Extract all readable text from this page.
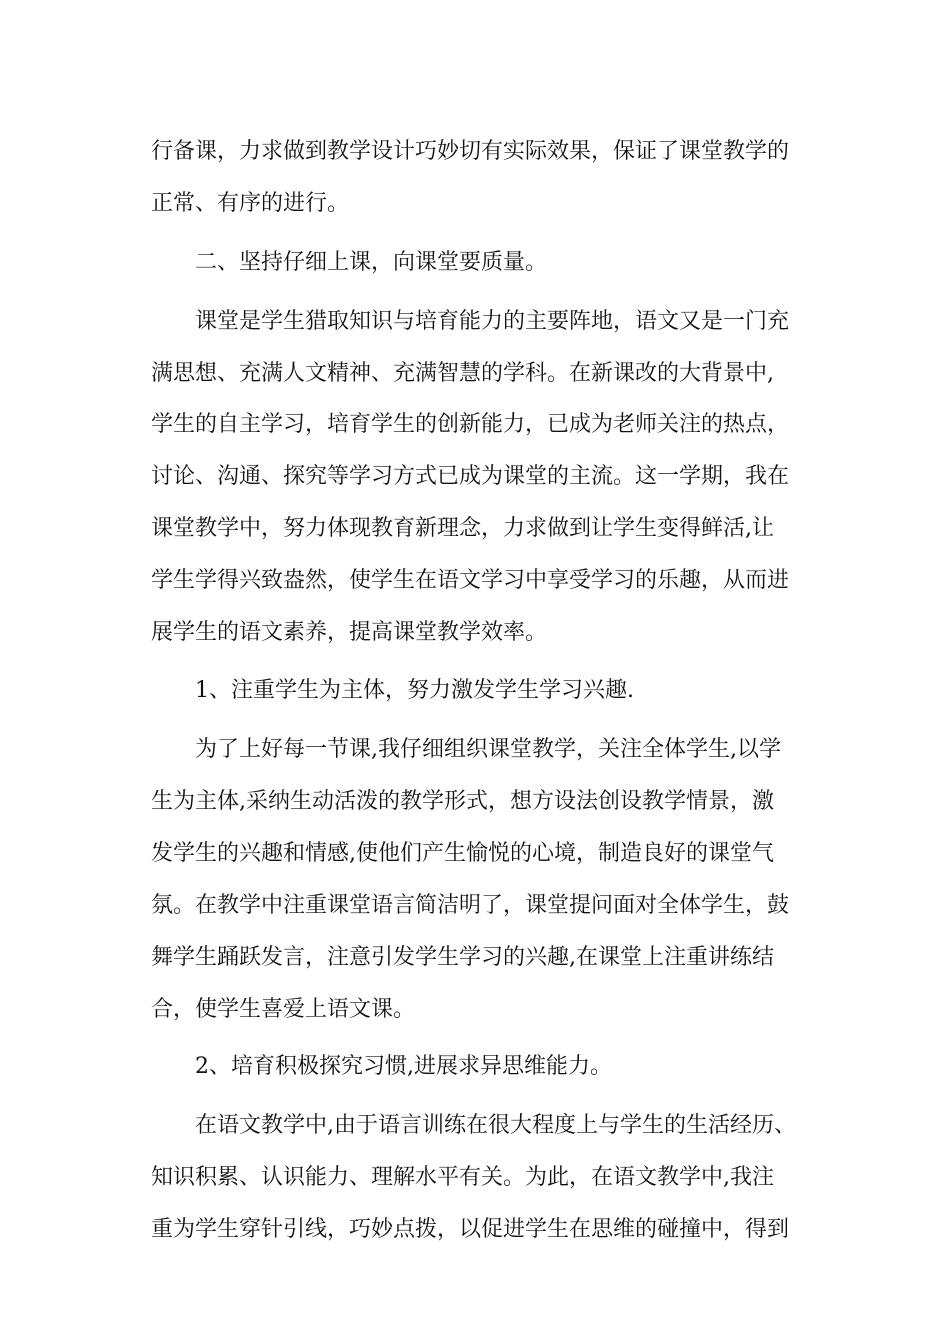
行备课，力求做到教学设计巧妙切有实际效果，保证了课堂教学的
正常、有序的进行。
二、坚持仔细上课，向课堂要质量。
课堂是学生猎取知识与培育能力的主要阵地，语文又是一门充
满思想、充满人文精神、充满智慧的学科。在新课改的大背景中,
学生的自主学习，培育学生的创新能力，已成为老师关注的热点，
讨论、沟通、探究等学习方式已成为课堂的主流。这一学期，我在
课堂教学中，努力体现教育新理念，力求做到让学生变得鲜活,让
学生学得兴致盎然，使学生在语文学习中享受学习的乐趣，从而进
展学生的语文素养，提高课堂教学效率。
1、注重学生为主体，努力激发学生学习兴趣.
为了上好每一节课,我仔细组织课堂教学，关注全体学生,以学
生为主体,采纳生动活泼的教学形式，想方设法创设教学情景，激
发学生的兴趣和情感,使他们产生愉悦的心境，制造良好的课堂气
氛。在教学中注重课堂语言简洁明了，课堂提问面对全体学生，鼓
舞学生踊跃发言，注意引发学生学习的兴趣,在课堂上注重讲练结
合，使学生喜爱上语文课。
2、培育积极探究习惯,进展求异思维能力。
在语文教学中,由于语言训练在很大程度上与学生的生活经历、
知识积累、认识能力、理解水平有关。为此，在语文教学中,我注
重为学生穿针引线，巧妙点拨，以促进学生在思维的碰撞中，得到
